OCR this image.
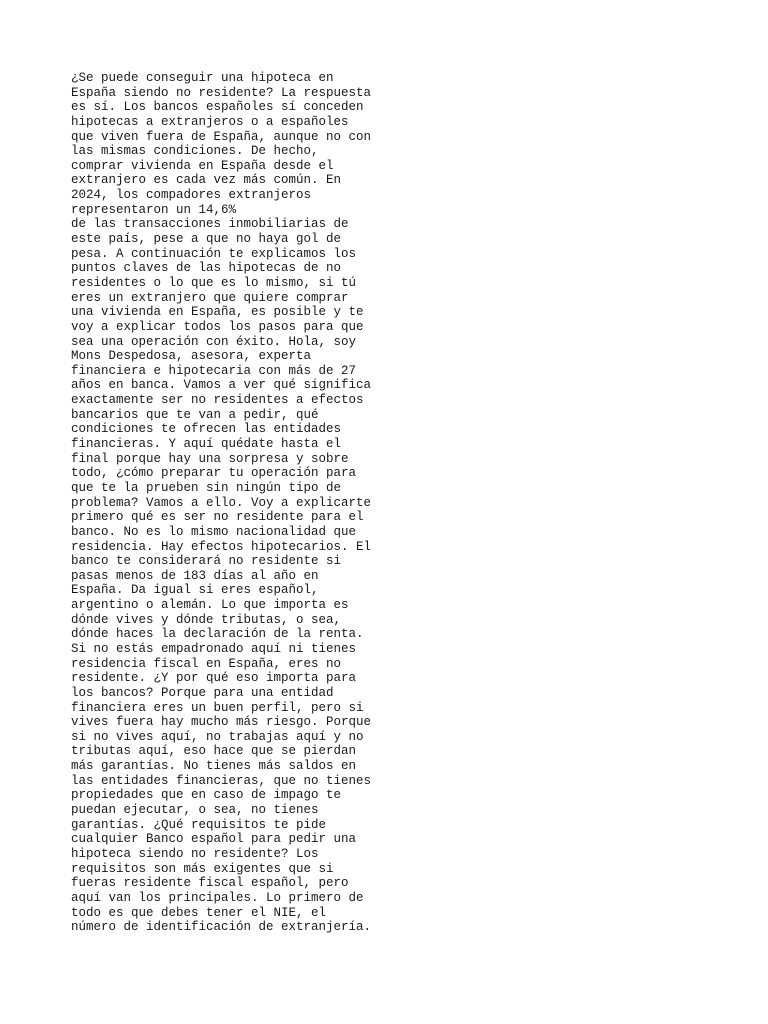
¿Se puede conseguir una hipoteca en
España siendo no residente? La respuesta
es sí. Los bancos españoles sí conceden
hipotecas a extranjeros o a españoles
que viven fuera de España, aunque no con
las mismas condiciones. De hecho,
comprar vivienda en España desde el
extranjero es cada vez más común. En
2024, los compadores extranjeros
representaron un 14,6%
de las transacciones inmobiliarias de
este país, pese a que no haya gol de
pesa. A continuación te explicamos los
puntos claves de las hipotecas de no
residentes o lo que es lo mismo, si tú
eres un extranjero que quiere comprar
una vivienda en España, es posible y te
voy a explicar todos los pasos para que
sea una operación con éxito. Hola, soy
Mons Despedosa, asesora, experta
financiera e hipotecaria con más de 27
años en banca. Vamos a ver qué significa
exactamente ser no residentes a efectos
bancarios que te van a pedir, qué
condiciones te ofrecen las entidades
financieras. Y aquí quédate hasta el
final porque hay una sorpresa y sobre
todo, ¿cómo preparar tu operación para
que te la prueben sin ningún tipo de
problema? Vamos a ello. Voy a explicarte
primero qué es ser no residente para el
banco. No es lo mismo nacionalidad que
residencia. Hay efectos hipotecarios. El
banco te considerará no residente si
pasas menos de 183 días al año en
España. Da igual si eres español,
argentino o alemán. Lo que importa es
dónde vives y dónde tributas, o sea,
dónde haces la declaración de la renta.
Si no estás empadronado aquí ni tienes
residencia fiscal en España, eres no
residente. ¿Y por qué eso importa para
los bancos? Porque para una entidad
financiera eres un buen perfil, pero si
vives fuera hay mucho más riesgo. Porque
si no vives aquí, no trabajas aquí y no
tributas aquí, eso hace que se pierdan
más garantías. No tienes más saldos en
las entidades financieras, que no tienes
propiedades que en caso de impago te
puedan ejecutar, o sea, no tienes
garantías. ¿Qué requisitos te pide
cualquier Banco español para pedir una
hipoteca siendo no residente? Los
requisitos son más exigentes que si
fueras residente fiscal español, pero
aquí van los principales. Lo primero de
todo es que debes tener el NIE, el
número de identificación de extranjería.
